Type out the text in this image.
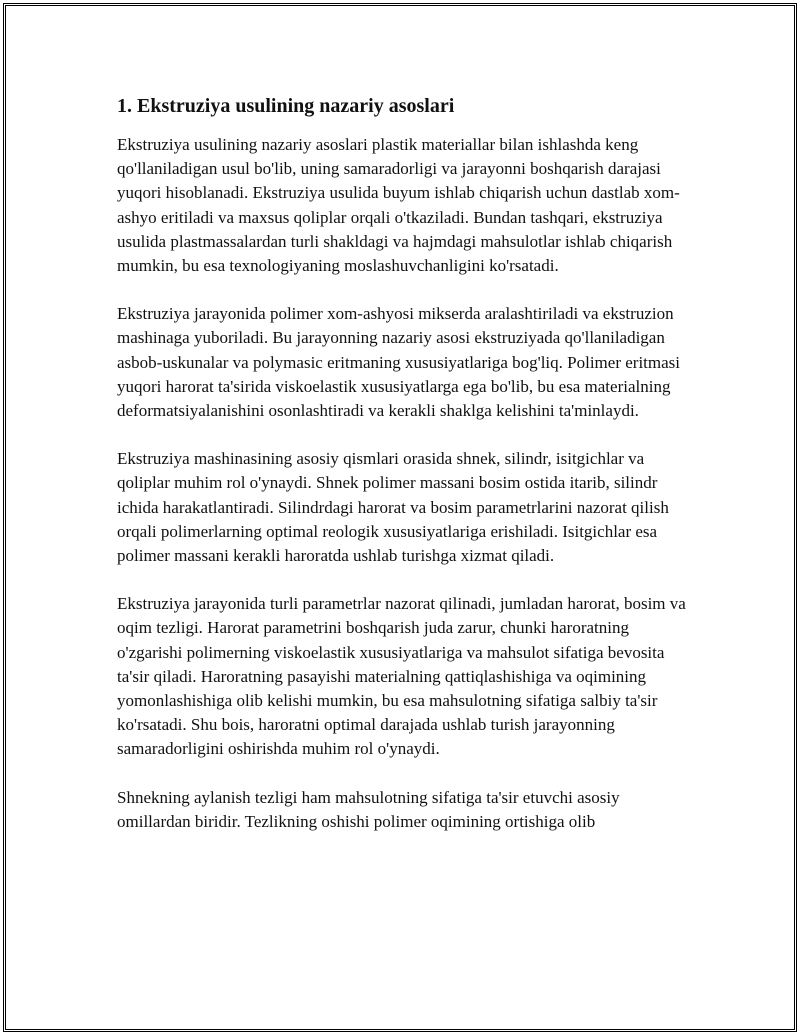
1. Ekstruziya usulining nazariy asoslari

Ekstruziya usulining nazariy asoslari plastik materiallar bilan ishlashda keng qo'llaniladigan usul bo'lib, uning samaradorligi va jarayonni boshqarish darajasi yuqori hisoblanadi. Ekstruziya usulida buyum ishlab chiqarish uchun dastlab xom-ashyo eritiladi va maxsus qoliplar orqali o'tkaziladi. Bundan tashqari, ekstruziya usulida plastmassalardan turli shakldagi va hajmdagi mahsulotlar ishlab chiqarish mumkin, bu esa texnologiyaning moslashuvchanligini ko'rsatadi.

Ekstruziya jarayonida polimer xom-ashyosi mikserda aralashtiriladi va ekstruzion mashinaga yuboriladi. Bu jarayonning nazariy asosi ekstruziyada qo'llaniladigan asbob-uskunalar va polymasic eritmaning xususiyatlariga bog'liq. Polimer eritmasi yuqori harorat ta'sirida viskoelastik xususiyatlarga ega bo'lib, bu esa materialning deformatsiyalanishini osonlashtiradi va kerakli shaklga kelishini ta'minlaydi.

Ekstruziya mashinasining asosiy qismlari orasida shnek, silindr, isitgichlar va qoliplar muhim rol o'ynaydi. Shnek polimer massani bosim ostida itarib, silindr ichida harakatlantiradi. Silindrdagi harorat va bosim parametrlarini nazorat qilish orqali polimerlarning optimal reologik xususiyatlariga erishiladi. Isitgichlar esa polimer massani kerakli haroratda ushlab turishga xizmat qiladi.

Ekstruziya jarayonida turli parametrlar nazorat qilinadi, jumladan harorat, bosim va oqim tezligi. Harorat parametrini boshqarish juda zarur, chunki haroratning o'zgarishi polimerning viskoelastik xususiyatlariga va mahsulot sifatiga bevosita ta'sir qiladi. Haroratning pasayishi materialning qattiqlashishiga va oqimining yomonlashishiga olib kelishi mumkin, bu esa mahsulotning sifatiga salbiy ta'sir ko'rsatadi. Shu bois, haroratni optimal darajada ushlab turish jarayonning samaradorligini oshirishda muhim rol o'ynaydi.

Shnekning aylanish tezligi ham mahsulotning sifatiga ta'sir etuvchi asosiy omillardan biridir. Tezlikning oshishi polimer oqimining ortishiga olib
